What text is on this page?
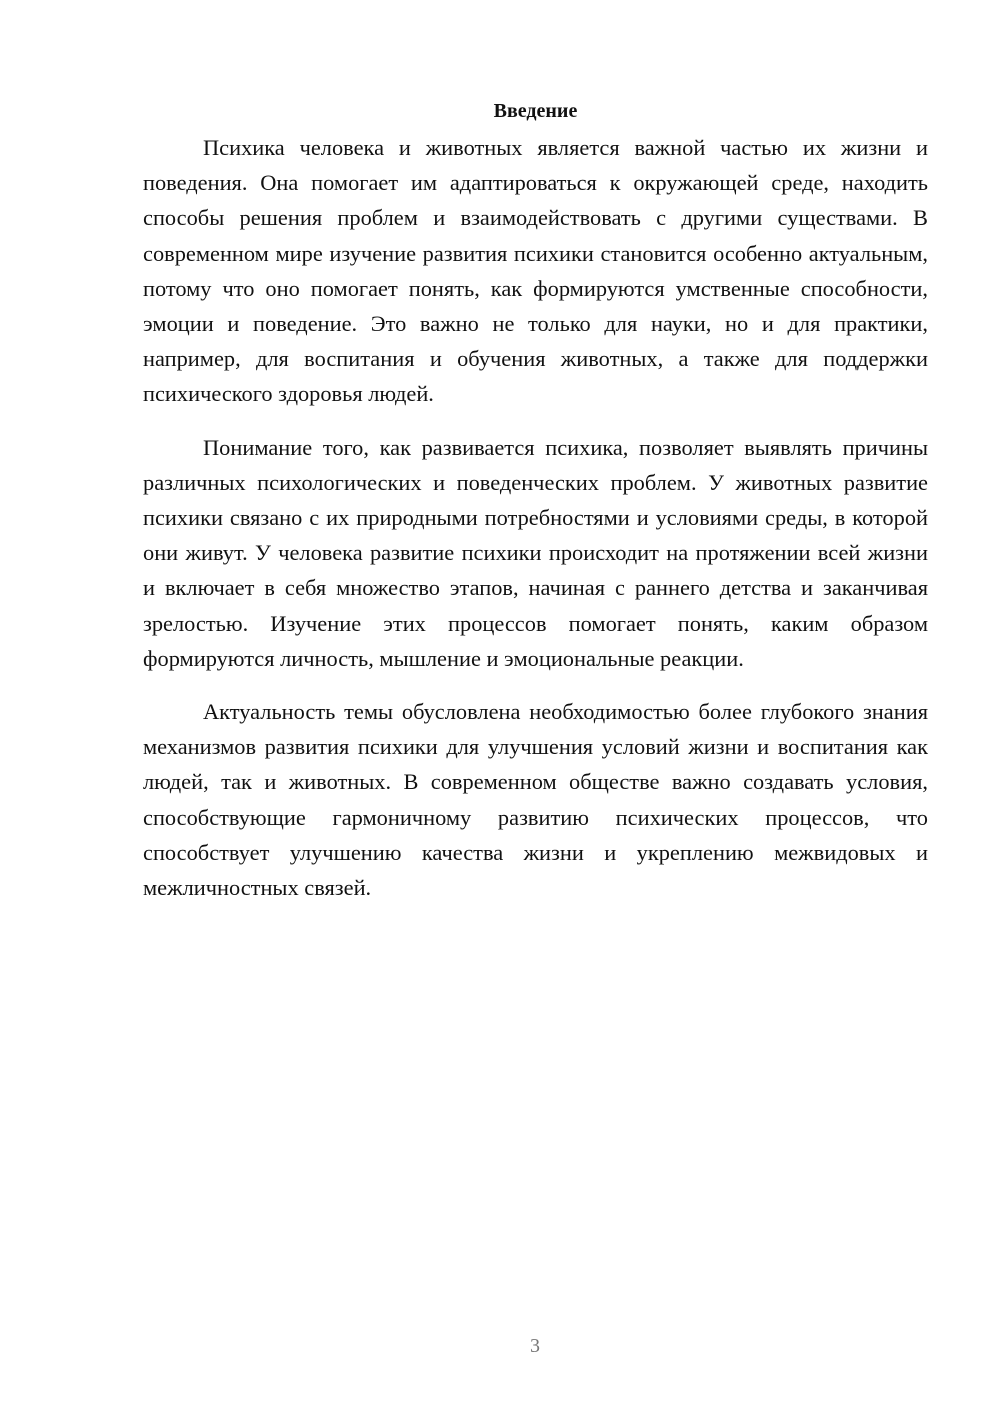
Введение

Психика человека и животных является важной частью их жизни и поведения. Она помогает им адаптироваться к окружающей среде, находить способы решения проблем и взаимодействовать с другими существами. В современном мире изучение развития психики становится особенно актуальным, потому что оно помогает понять, как формируются умственные способности, эмоции и поведение. Это важно не только для науки, но и для практики, например, для воспитания и обучения животных, а также для поддержки психического здоровья людей.

Понимание того, как развивается психика, позволяет выявлять причины различных психологических и поведенческих проблем. У животных развитие психики связано с их природными потребностями и условиями среды, в которой они живут. У человека развитие психики происходит на протяжении всей жизни и включает в себя множество этапов, начиная с раннего детства и заканчивая зрелостью. Изучение этих процессов помогает понять, каким образом формируются личность, мышление и эмоциональные реакции.

Актуальность темы обусловлена необходимостью более глубокого знания механизмов развития психики для улучшения условий жизни и воспитания как людей, так и животных. В современном обществе важно создавать условия, способствующие гармоничному развитию психических процессов, что способствует улучшению качества жизни и укреплению межвидовых и межличностных связей.

3
